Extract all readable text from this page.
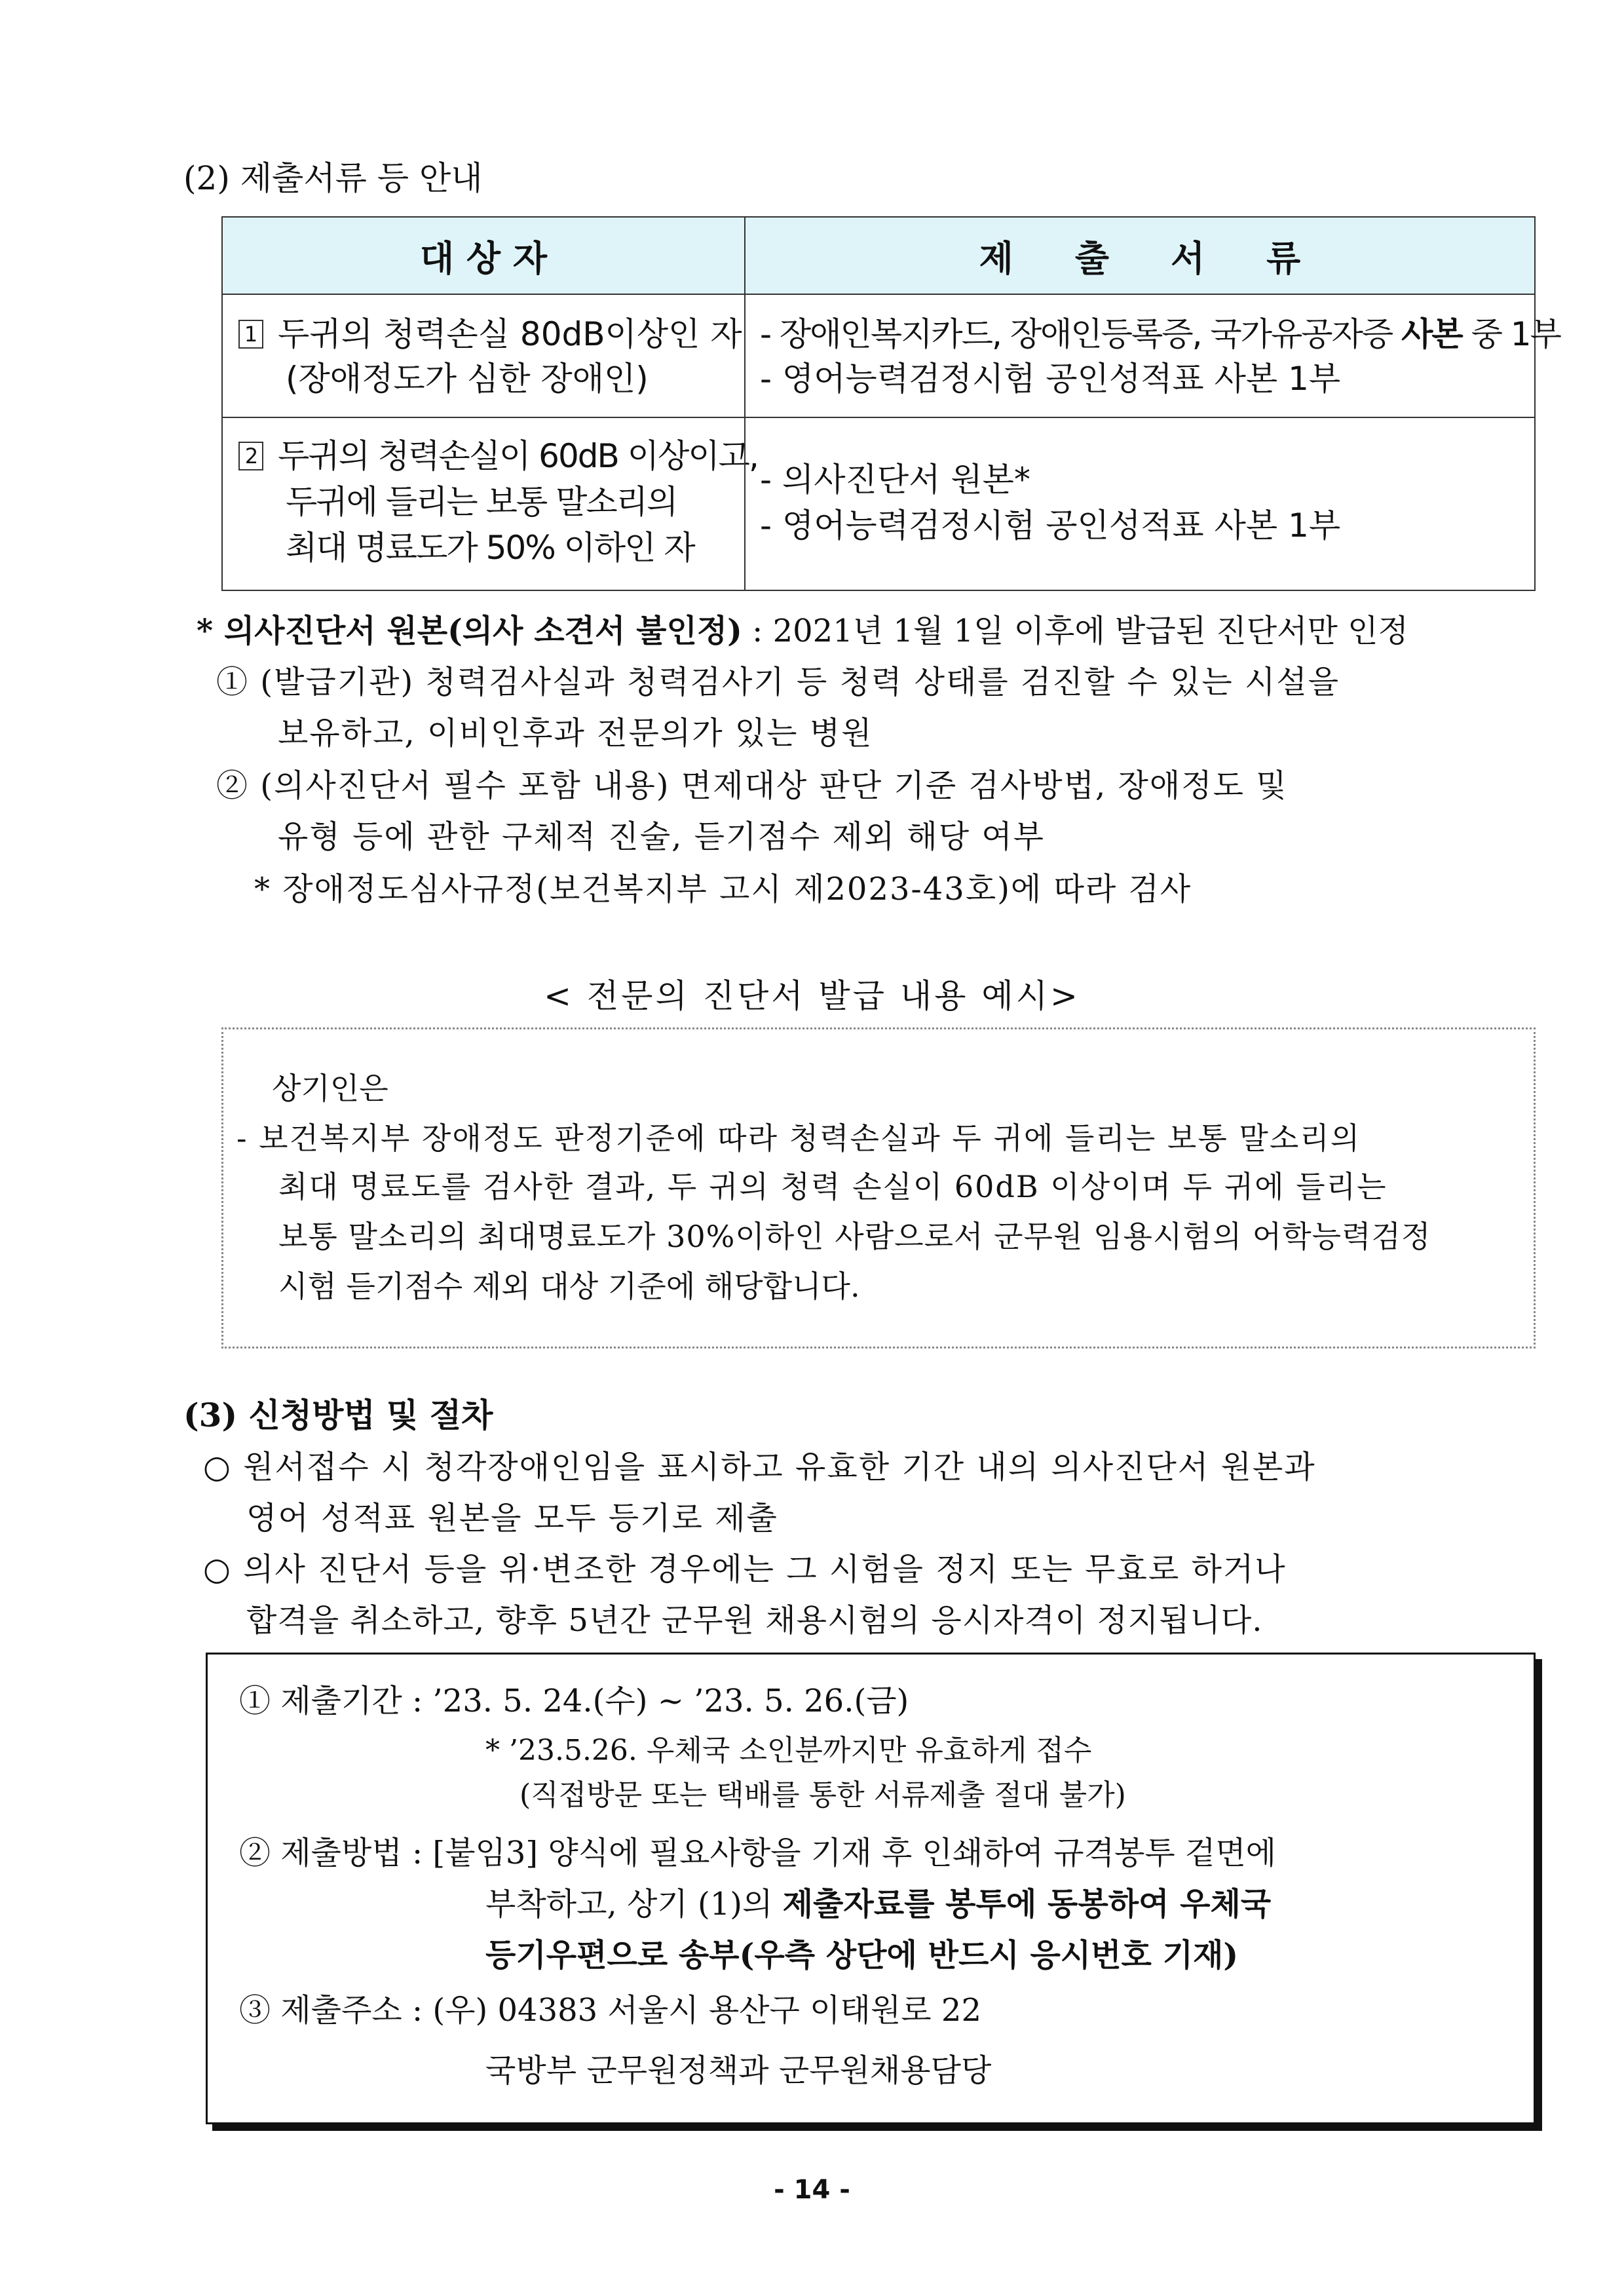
(2) 제출서류 등 안내
대 상 자	제     출     서     류
1 두귀의 청력손실 80dB이상인 자
(장애정도가 심한 장애인)
- 장애인복지카드, 장애인등록증, 국가유공자증 사본 중 1부
- 영어능력검정시험 공인성적표 사본 1부
2 두귀의 청력손실이 60dB 이상이고,
두귀에 들리는 보통 말소리의
최대 명료도가 50% 이하인 자
- 의사진단서 원본*
- 영어능력검정시험 공인성적표 사본 1부
* 의사진단서 원본(의사 소견서 불인정) : 2021년 1월 1일 이후에 발급된 진단서만 인정
① (발급기관) 청력검사실과 청력검사기 등 청력 상태를 검진할 수 있는 시설을
보유하고, 이비인후과 전문의가 있는 병원
② (의사진단서 필수 포함 내용) 면제대상 판단 기준 검사방법, 장애정도 및
유형 등에 관한 구체적 진술, 듣기점수 제외 해당 여부
* 장애정도심사규정(보건복지부 고시 제2023-43호)에 따라 검사
< 전문의 진단서 발급 내용 예시>
상기인은
- 보건복지부 장애정도 판정기준에 따라 청력손실과 두 귀에 들리는 보통 말소리의
최대 명료도를 검사한 결과, 두 귀의 청력 손실이 60dB 이상이며 두 귀에 들리는
보통 말소리의 최대명료도가 30%이하인 사람으로서 군무원 임용시험의 어학능력검정
시험 듣기점수 제외 대상 기준에 해당합니다.
(3) 신청방법 및 절차
○ 원서접수 시 청각장애인임을 표시하고 유효한 기간 내의 의사진단서 원본과
영어 성적표 원본을 모두 등기로 제출
○ 의사 진단서 등을 위·변조한 경우에는 그 시험을 정지 또는 무효로 하거나
합격을 취소하고, 향후 5년간 군무원 채용시험의 응시자격이 정지됩니다.
① 제출기간 : ’23. 5. 24.(수) ~ ’23. 5. 26.(금)
* ’23.5.26. 우체국 소인분까지만 유효하게 접수
(직접방문 또는 택배를 통한 서류제출 절대 불가)
② 제출방법 : [붙임3] 양식에 필요사항을 기재 후 인쇄하여 규격봉투 겉면에
부착하고, 상기 (1)의 제출자료를 봉투에 동봉하여 우체국
등기우편으로 송부(우측 상단에 반드시 응시번호 기재)
③ 제출주소 : (우) 04383 서울시 용산구 이태원로 22
국방부 군무원정책과 군무원채용담당
- 14 -
